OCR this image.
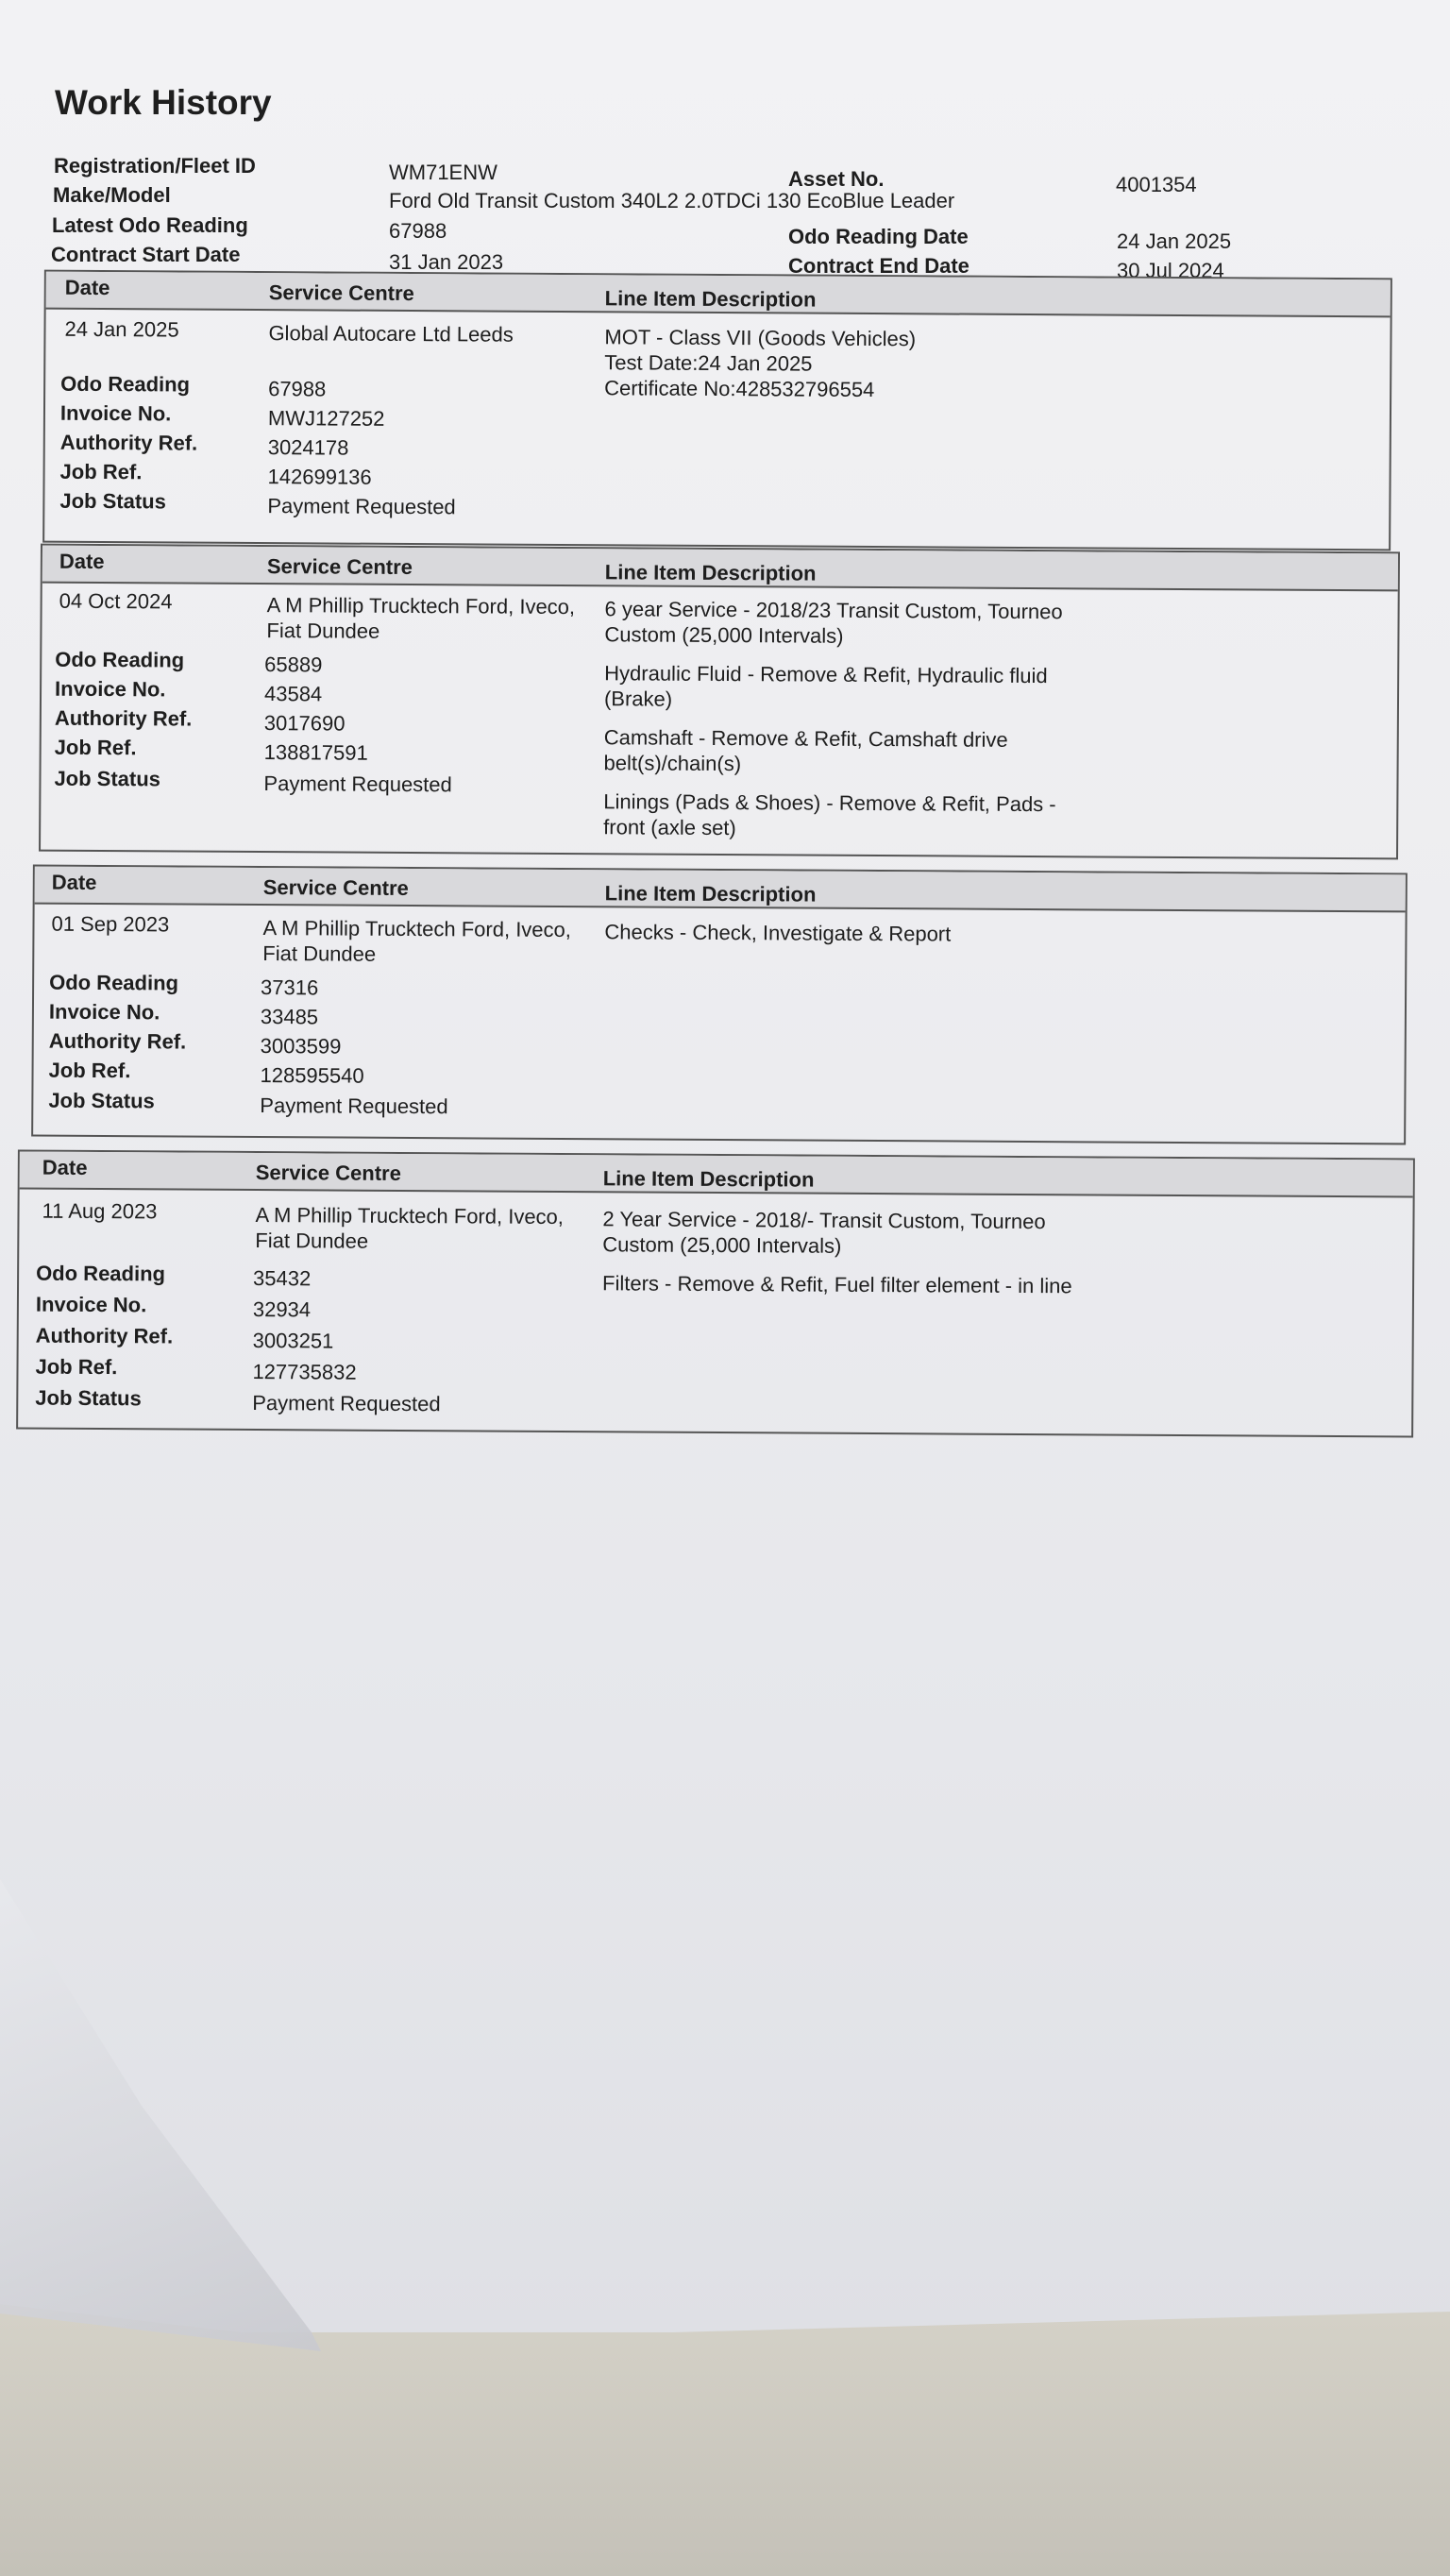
Work History
Registration/Fleet ID	WM71ENW	Asset No.	4001354
Make/Model	Ford Old Transit Custom 340L2 2.0TDCi 130 EcoBlue Leader
Latest Odo Reading	67988	Odo Reading Date	24 Jan 2025
Contract Start Date	31 Jan 2023	Contract End Date	30 Jul 2024
Date	Service Centre	Line Item Description
24 Jan 2025	Global Autocare Ltd Leeds
Odo Reading	67988
Invoice No.	MWJ127252
Authority Ref.	3024178
Job Ref.	142699136
Job Status	Payment Requested
MOT - Class VII (Goods Vehicles)
Test Date:24 Jan 2025
Certificate No:428532796554
Date	Service Centre	Line Item Description
04 Oct 2024	A M Phillip Trucktech Ford, Iveco, Fiat Dundee
Odo Reading	65889
Invoice No.	43584
Authority Ref.	3017690
Job Ref.	138817591
Job Status	Payment Requested
6 year Service - 2018/23 Transit Custom, Tourneo
Custom (25,000 Intervals)
Hydraulic Fluid - Remove & Refit, Hydraulic fluid
(Brake)
Camshaft - Remove & Refit, Camshaft drive
belt(s)/chain(s)
Linings (Pads & Shoes) - Remove & Refit, Pads -
front (axle set)
Date	Service Centre	Line Item Description
01 Sep 2023	A M Phillip Trucktech Ford, Iveco, Fiat Dundee
Odo Reading	37316
Invoice No.	33485
Authority Ref.	3003599
Job Ref.	128595540
Job Status	Payment Requested
Checks - Check, Investigate & Report
Date	Service Centre	Line Item Description
11 Aug 2023	A M Phillip Trucktech Ford, Iveco, Fiat Dundee
Odo Reading	35432
Invoice No.	32934
Authority Ref.	3003251
Job Ref.	127735832
Job Status	Payment Requested
2 Year Service - 2018/- Transit Custom, Tourneo
Custom (25,000 Intervals)
Filters - Remove & Refit, Fuel filter element - in line
